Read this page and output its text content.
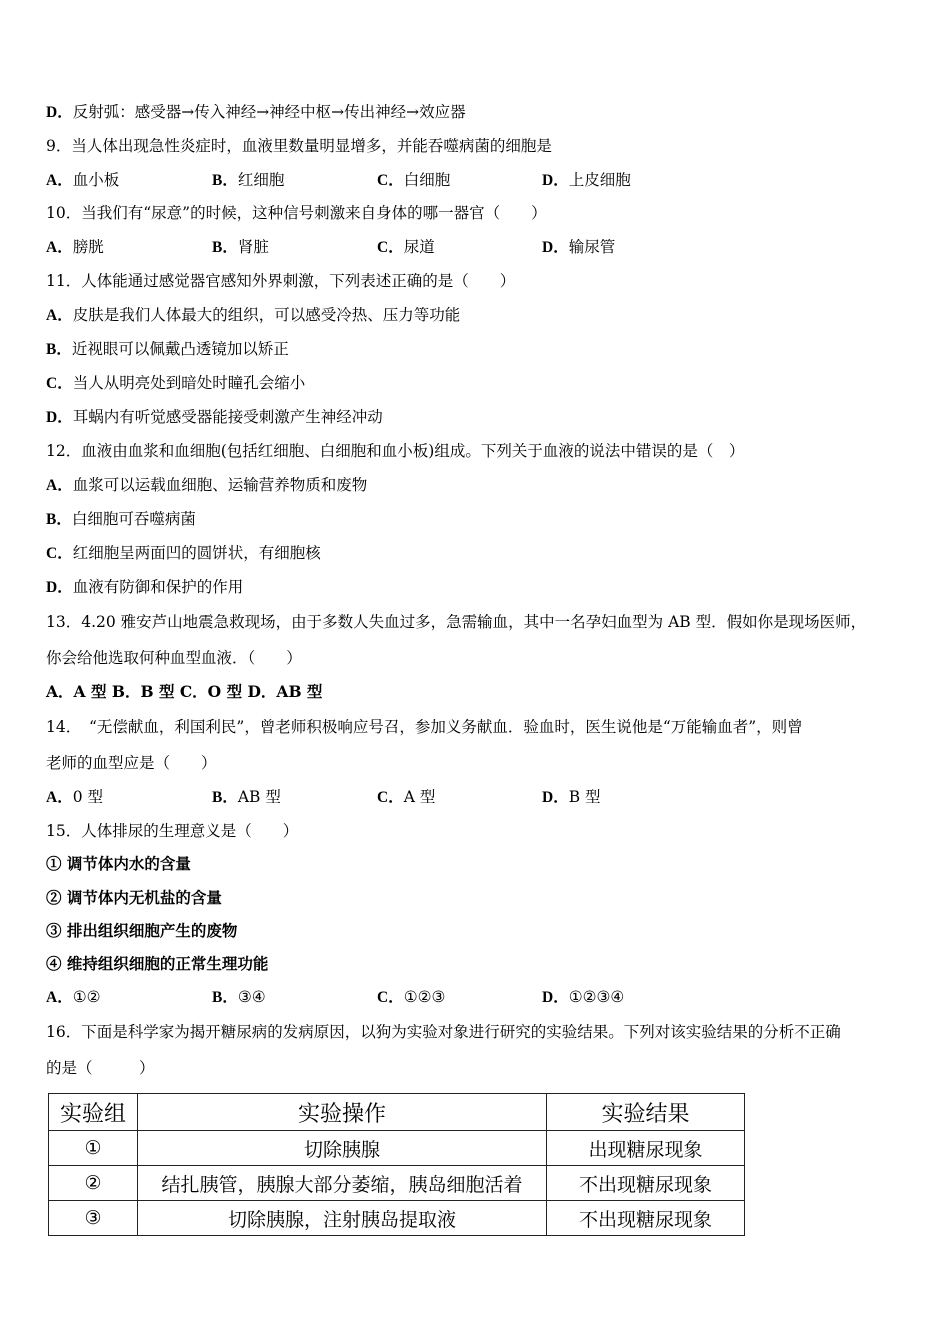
D．反射弧：感受器→传入神经→神经中枢→传出神经→效应器
9．当人体出现急性炎症时，血液里数量明显增多，并能吞噬病菌的细胞是
A．血小板	B．红细胞	C．白细胞	D．上皮细胞
10．当我们有“尿意”的时候，这种信号刺激来自身体的哪一器官（　　）
A．膀胱	B．肾脏	C．尿道	D．输尿管
11．人体能通过感觉器官感知外界刺激，下列表述正确的是（　　）
A．皮肤是我们人体最大的组织，可以感受冷热、压力等功能
B．近视眼可以佩戴凸透镜加以矫正
C．当人从明亮处到暗处时瞳孔会缩小
D．耳蜗内有听觉感受器能接受刺激产生神经冲动
12．血液由血浆和血细胞(包括红细胞、白细胞和血小板)组成。下列关于血液的说法中错误的是（　）
A．血浆可以运载血细胞、运输营养物质和废物
B．白细胞可吞噬病菌
C．红细胞呈两面凹的圆饼状，有细胞核
D．血液有防御和保护的作用
13．4.20 雅安芦山地震急救现场，由于多数人失血过多，急需输血，其中一名孕妇血型为 AB 型．假如你是现场医师，
你会给他选取何种血型血液．（　　）
A．A 型 B．B 型 C．O 型 D．AB 型
14．　“无偿献血，利国利民”，曾老师积极响应号召，参加义务献血．验血时，医生说他是“万能输血者”，则曾
老师的血型应是（　　）
A．0 型	B．AB 型	C．A 型	D．B 型
15．人体排尿的生理意义是（　　）
① 调节体内水的含量
② 调节体内无机盐的含量
③ 排出组织细胞产生的废物
④ 维持组织细胞的正常生理功能
A．①②	B．③④	C．①②③	D．①②③④
16．下面是科学家为揭开糖尿病的发病原因，以狗为实验对象进行研究的实验结果。下列对该实验结果的分析不正确
的是（　　　）
实验组	实验操作	实验结果
①	切除胰腺	出现糖尿现象
②	结扎胰管，胰腺大部分萎缩，胰岛细胞活着	不出现糖尿现象
③	切除胰腺，注射胰岛提取液	不出现糖尿现象
